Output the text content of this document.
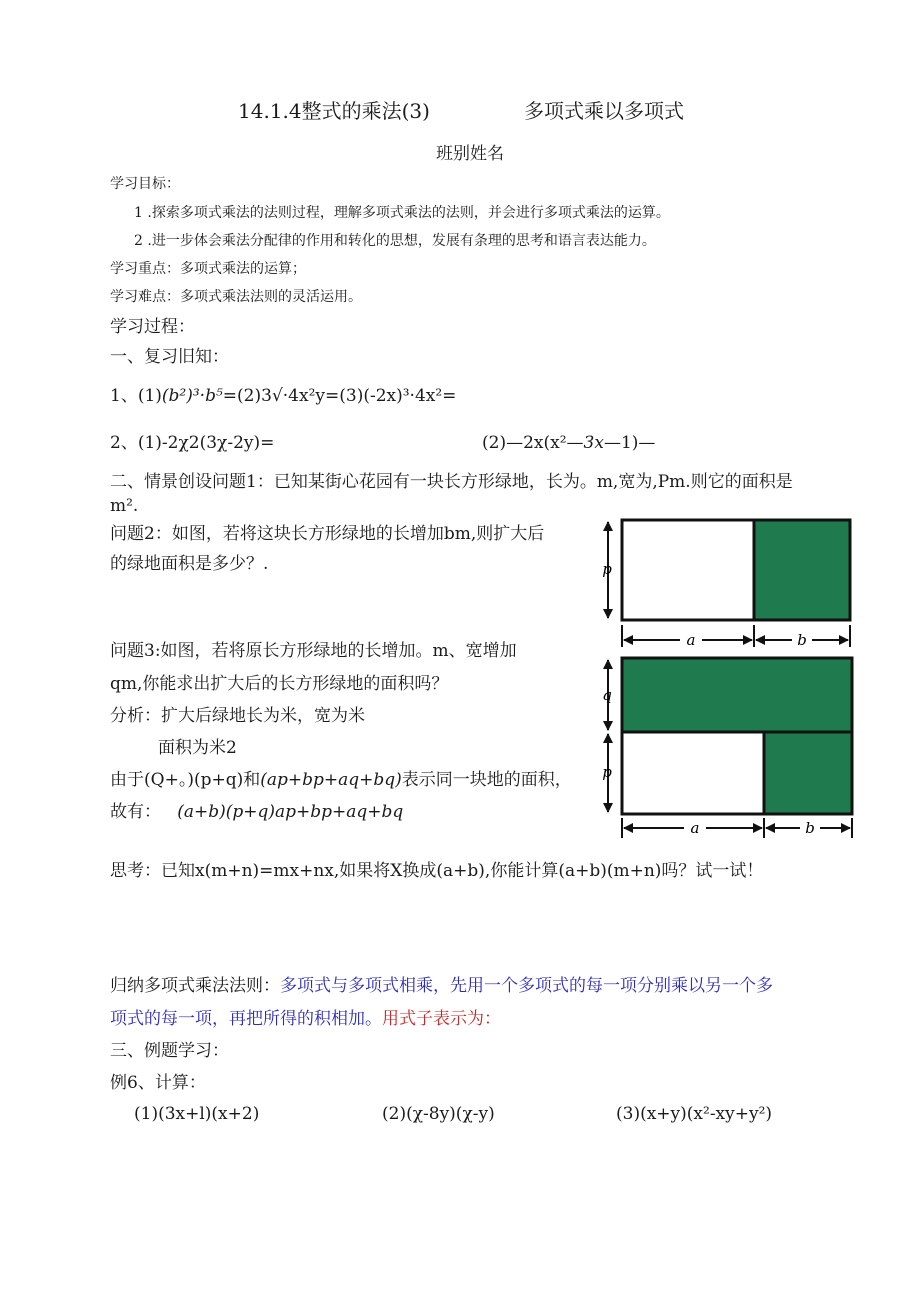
14.1.4整式的乘法(3)	多项式乘以多项式
班别姓名
学习目标：
1 .探索多项式乘法的法则过程，理解多项式乘法的法则，并会进行多项式乘法的运算。
2 .进一步体会乘法分配律的作用和转化的思想，发展有条理的思考和语言表达能力。
学习重点：多项式乘法的运算；
学习难点：多项式乘法法则的灵活运用。
学习过程：
一、复习旧知：
1、(1)(b²)³·b⁵=(2)3√·4x²y=(3)(-2x)³·4x²=
2、(1)-2χ2(3χ-2y)=	(2)—2x(x²—3x—1)—
二、情景创设问题1：已知某街心花园有一块长方形绿地，长为。m,宽为,Pm.则它的面积是
m².
问题2：如图，若将这块长方形绿地的长增加bm,则扩大后
的绿地面积是多少？.
问题3:如图，若将原长方形绿地的长增加。m、宽增加
qm,你能求出扩大后的长方形绿地的面积吗？
分析：扩大后绿地长为米，宽为米
面积为米2
由于(Q+。)(p+q)和(ap+bp+aq+bq)表示同一块地的面积，
故有： (a+b)(p+q)ap+bp+aq+bq
思考：已知x(m+n)=mx+nx,如果将X换成(a+b),你能计算(a+b)(m+n)吗？试一试！
归纳多项式乘法法则：多项式与多项式相乘，先用一个多项式的每一项分别乘以另一个多
项式的每一项，再把所得的积相加。用式子表示为：
三、例题学习：
例6、计算：
(1)(3x+l)(x+2)	(2)(χ-8y)(χ-y)	(3)(x+y)(x²-xy+y²)
p
a	b
q
p
a	b
